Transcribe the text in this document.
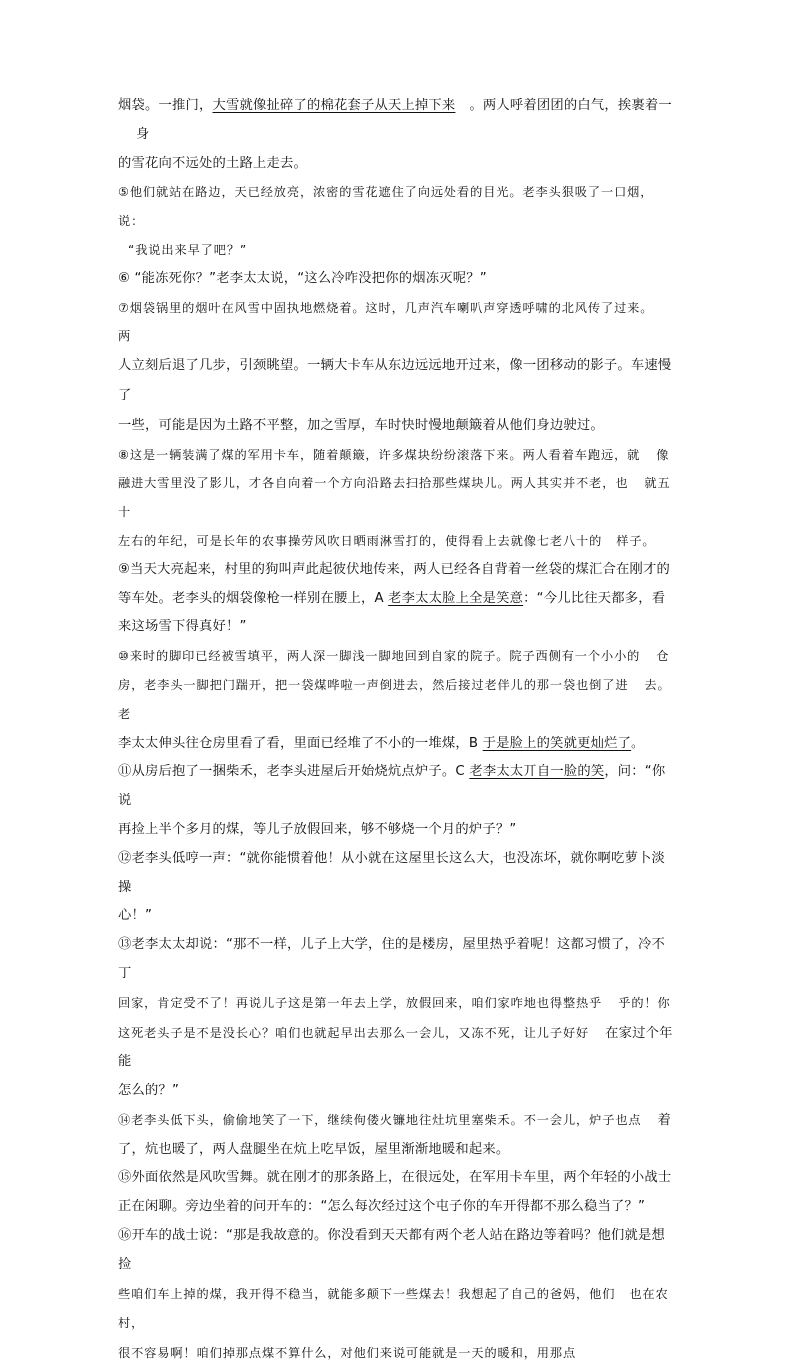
烟袋。一推门，大雪就像扯碎了的棉花套子从天上掉下来 。两人呼着团团的白气，挨裹着一身
的雪花向不远处的土路上走去。

⑤他们就站在路边，天已经放亮，浓密的雪花遮住了向远处看的目光。老李头狠吸了一口烟，说：
“我说出来早了吧？”

⑥ “能冻死你？”老李太太说，“这么冷咋没把你的烟冻灭呢？”

⑦烟袋锅里的烟叶在风雪中固执地燃烧着。这时，几声汽车喇叭声穿透呼啸的北风传了过来。两
人立刻后退了几步，引颈眺望。一辆大卡车从东边远远地开过来，像一团移动的影子。车速慢了
一些，可能是因为土路不平整，加之雪厚，车时快时慢地颠簸着从他们身边驶过。

⑧这是一辆装满了煤的军用卡车，随着颠簸，许多煤块纷纷滚落下来。两人看着车跑远，就 像
融进大雪里没了影儿，才各自向着一个方向沿路去扫拾那些煤块儿。两人其实并不老，也 就五十
左右的年纪，可是长年的农事操劳风吹日晒雨淋雪打的，使得看上去就像七老八十的 样子。

⑨当天大亮起来，村里的狗叫声此起彼伏地传来，两人已经各自背着一丝袋的煤汇合在刚才的
等车处。老李头的烟袋像枪一样别在腰上，A 老李太太脸上全是笑意：“今儿比往天都多，看
来这场雪下得真好！”

⑩来时的脚印已经被雪填平，两人深一脚浅一脚地回到自家的院子。院子西侧有一个小小的 仓
房，老李头一脚把门踹开，把一袋煤哗啦一声倒进去，然后接过老伴儿的那一袋也倒了进 去。老
李太太伸头往仓房里看了看，里面已经堆了不小的一堆煤，B 于是脸上的笑就更灿烂了。

⑪从房后抱了一捆柴禾，老李头进屋后开始烧炕点炉子。C 老李太太丌自一脸的笑，问：“你说
再捡上半个多月的煤，等儿子放假回来，够不够烧一个月的炉子？”

⑫老李头低哼一声：“就你能惯着他！从小就在这屋里长这么大，也没冻坏，就你啊吃萝卜淡操
心！”

⑬老李太太却说：“那不一样，儿子上大学，住的是楼房，屋里热乎着呢！这都习惯了，冷不丁
回家，肯定受不了！再说儿子这是第一年去上学，放假回来，咱们家咋地也得整热乎 乎的！你
这死老头子是不是没长心？咱们也就起早出去那么一会儿，又冻不死，让儿子好好 在家过个年能
怎么的？”

⑭老李头低下头，偷偷地笑了一下，继续佝偻火镰地往灶坑里塞柴禾。不一会儿，炉子也点 着
了，炕也暖了，两人盘腿坐在炕上吃早饭，屋里渐渐地暖和起来。

⑮外面依然是风吹雪舞。就在刚才的那条路上，在很远处，在军用卡车里，两个年轻的小战士
正在闲聊。旁边坐着的问开车的：“怎么每次经过这个屯子你的车开得都不那么稳当了？”

⑯开车的战士说：“那是我故意的。你没看到天天都有两个老人站在路边等着吗？他们就是想捡
些咱们车上掉的煤，我开得不稳当，就能多颠下一些煤去！我想起了自己的爸妈，他们 也在农村，
很不容易啊！咱们掉那点煤不算什么，对他们来说可能就是一天的暖和，用那点
